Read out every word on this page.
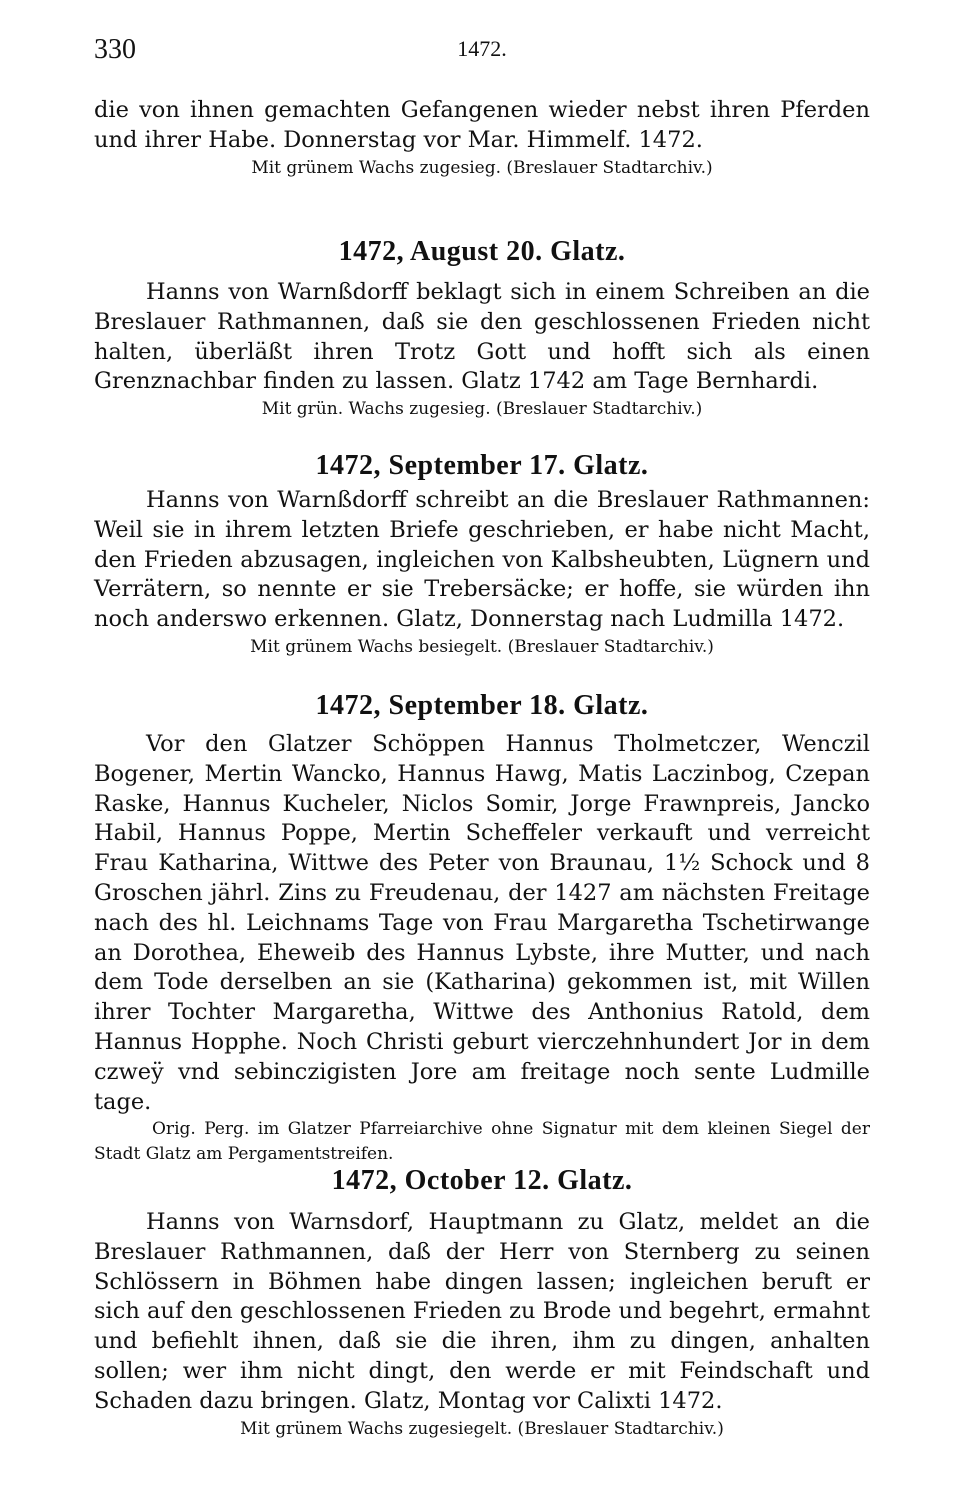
330	1472.

die von ihnen gemachten Gefangenen wieder nebst ihren Pferden und ihrer Habe. Donnerstag vor Mar. Himmelf. 1472.

Mit grünem Wachs zugesieg. (Breslauer Stadtarchiv.)

1472, August 20. Glatz.

Hanns von Warnßdorff beklagt sich in einem Schreiben an die Breslauer Rathmannen, daß sie den geschlossenen Frieden nicht halten, überläßt ihren Trotz Gott und hofft sich als einen Grenznachbar finden zu lassen. Glatz 1742 am Tage Bernhardi.

Mit grün. Wachs zugesieg. (Breslauer Stadtarchiv.)

1472, September 17. Glatz.

Hanns von Warnßdorff schreibt an die Breslauer Rathmannen: Weil sie in ihrem letzten Briefe geschrieben, er habe nicht Macht, den Frieden abzusagen, ingleichen von Kalbsheubten, Lügnern und Verrätern, so nennte er sie Trebersäcke; er hoffe, sie würden ihn noch anderswo erkennen. Glatz, Donnerstag nach Ludmilla 1472.

Mit grünem Wachs besiegelt. (Breslauer Stadtarchiv.)

1472, September 18. Glatz.

Vor den Glatzer Schöppen Hannus Tholmetczer, Wenczil Bogener, Mertin Wancko, Hannus Hawg, Matis Laczinbog, Czepan Raske, Hannus Kucheler, Niclos Somir, Jorge Frawnpreis, Jancko Habil, Hannus Poppe, Mertin Scheffeler verkauft und verreicht Frau Katharina, Wittwe des Peter von Braunau, 1½ Schock und 8 Groschen jährl. Zins zu Freudenau, der 1427 am nächsten Freitage nach des hl. Leichnams Tage von Frau Margaretha Tschetirwange an Dorothea, Eheweib des Hannus Lybste, ihre Mutter, und nach dem Tode derselben an sie (Katharina) gekommen ist, mit Willen ihrer Tochter Margaretha, Wittwe des Anthonius Ratold, dem Hannus Hopphe. Noch Christi geburt vierczehnhundert Jor in dem czweÿ vnd sebinczigisten Jore am freitage noch sente Ludmille tage.

Orig. Perg. im Glatzer Pfarreiarchive ohne Signatur mit dem kleinen Siegel der Stadt Glatz am Pergamentstreifen.

1472, October 12. Glatz.

Hanns von Warnsdorf, Hauptmann zu Glatz, meldet an die Breslauer Rathmannen, daß der Herr von Sternberg zu seinen Schlössern in Böhmen habe dingen lassen; ingleichen beruft er sich auf den geschlossenen Frieden zu Brode und begehrt, ermahnt und befiehlt ihnen, daß sie die ihren, ihm zu dingen, anhalten sollen; wer ihm nicht dingt, den werde er mit Feindschaft und Schaden dazu bringen. Glatz, Montag vor Calixti 1472.

Mit grünem Wachs zugesiegelt. (Breslauer Stadtarchiv.)
